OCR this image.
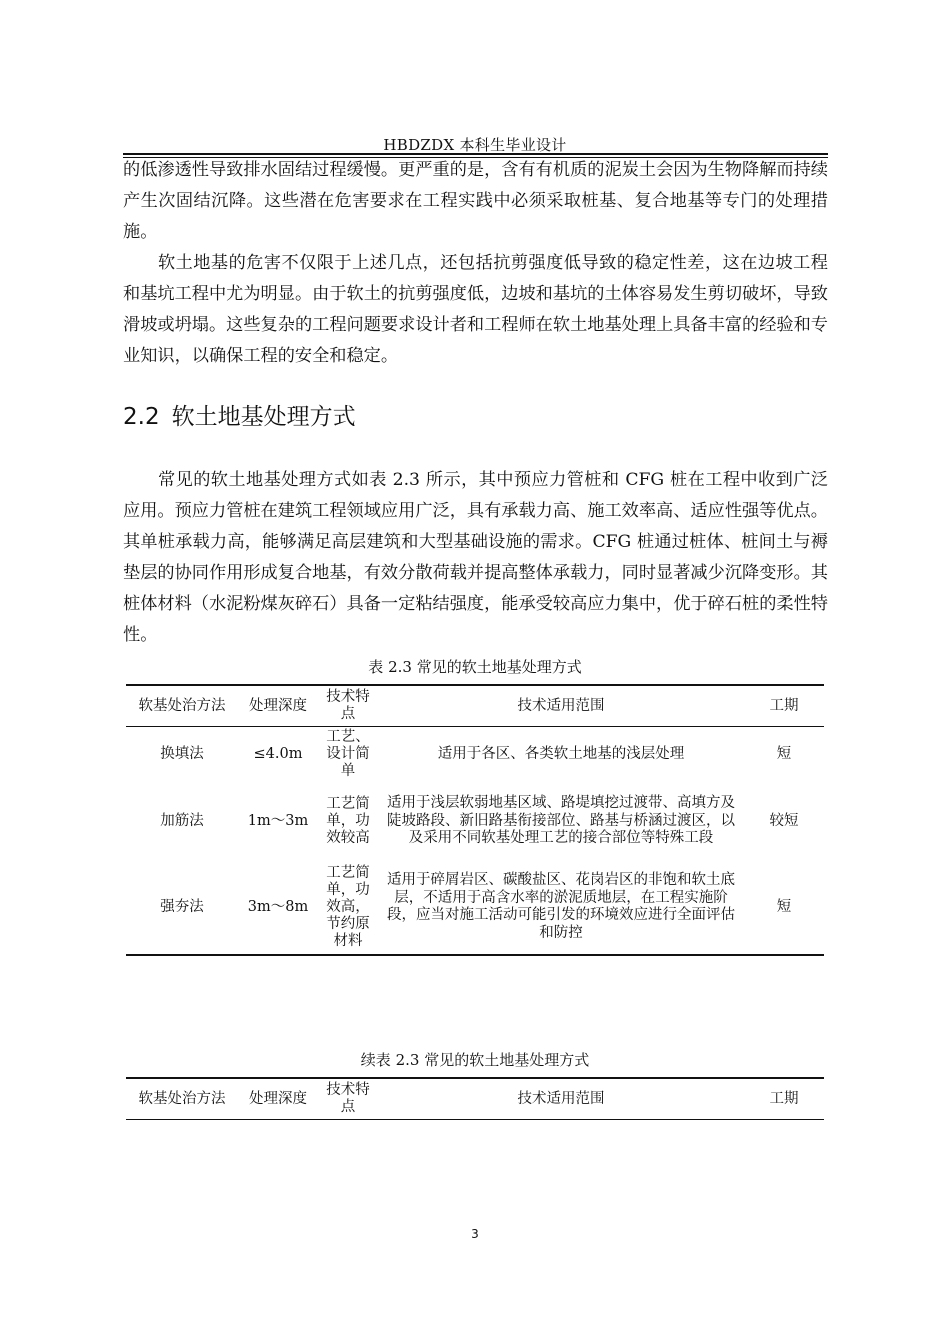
HBDZDX 本科生毕业设计

的低渗透性导致排水固结过程缓慢。更严重的是，含有有机质的泥炭土会因为生物降解而持续产生次固结沉降。这些潜在危害要求在工程实践中必须采取桩基、复合地基等专门的处理措施。

软土地基的危害不仅限于上述几点，还包括抗剪强度低导致的稳定性差，这在边坡工程和基坑工程中尤为明显。由于软土的抗剪强度低，边坡和基坑的土体容易发生剪切破坏，导致滑坡或坍塌。这些复杂的工程问题要求设计者和工程师在软土地基处理上具备丰富的经验和专业知识，以确保工程的安全和稳定。

2.2 软土地基处理方式

常见的软土地基处理方式如表 2.3 所示，其中预应力管桩和 CFG 桩在工程中收到广泛应用。预应力管桩在建筑工程领域应用广泛，具有承载力高、施工效率高、适应性强等优点。其单桩承载力高，能够满足高层建筑和大型基础设施的需求。CFG 桩通过桩体、桩间土与褥垫层的协同作用形成复合地基，有效分散荷载并提高整体承载力，同时显著减少沉降变形。其桩体材料（水泥粉煤灰碎石）具备一定粘结强度，能承受较高应力集中，优于碎石桩的柔性特性。

表 2.3 常见的软土地基处理方式
软基处治方法	处理深度	技术特点	技术适用范围	工期
换填法	≤4.0m	工艺、设计简单	适用于各区、各类软土地基的浅层处理	短
加筋法	1m～3m	工艺简单，功效较高	适用于浅层软弱地基区域、路堤填挖过渡带、高填方及陡坡路段、新旧路基衔接部位、路基与桥涵过渡区，以及采用不同软基处理工艺的接合部位等特殊工段	较短
强夯法	3m～8m	工艺简单，功效高，节约原材料	适用于碎屑岩区、碳酸盐区、花岗岩区的非饱和软土底层，不适用于高含水率的淤泥质地层，在工程实施阶段，应当对施工活动可能引发的环境效应进行全面评估和防控	短
续表 2.3 常见的软土地基处理方式
软基处治方法	处理深度	技术特点	技术适用范围	工期
3
